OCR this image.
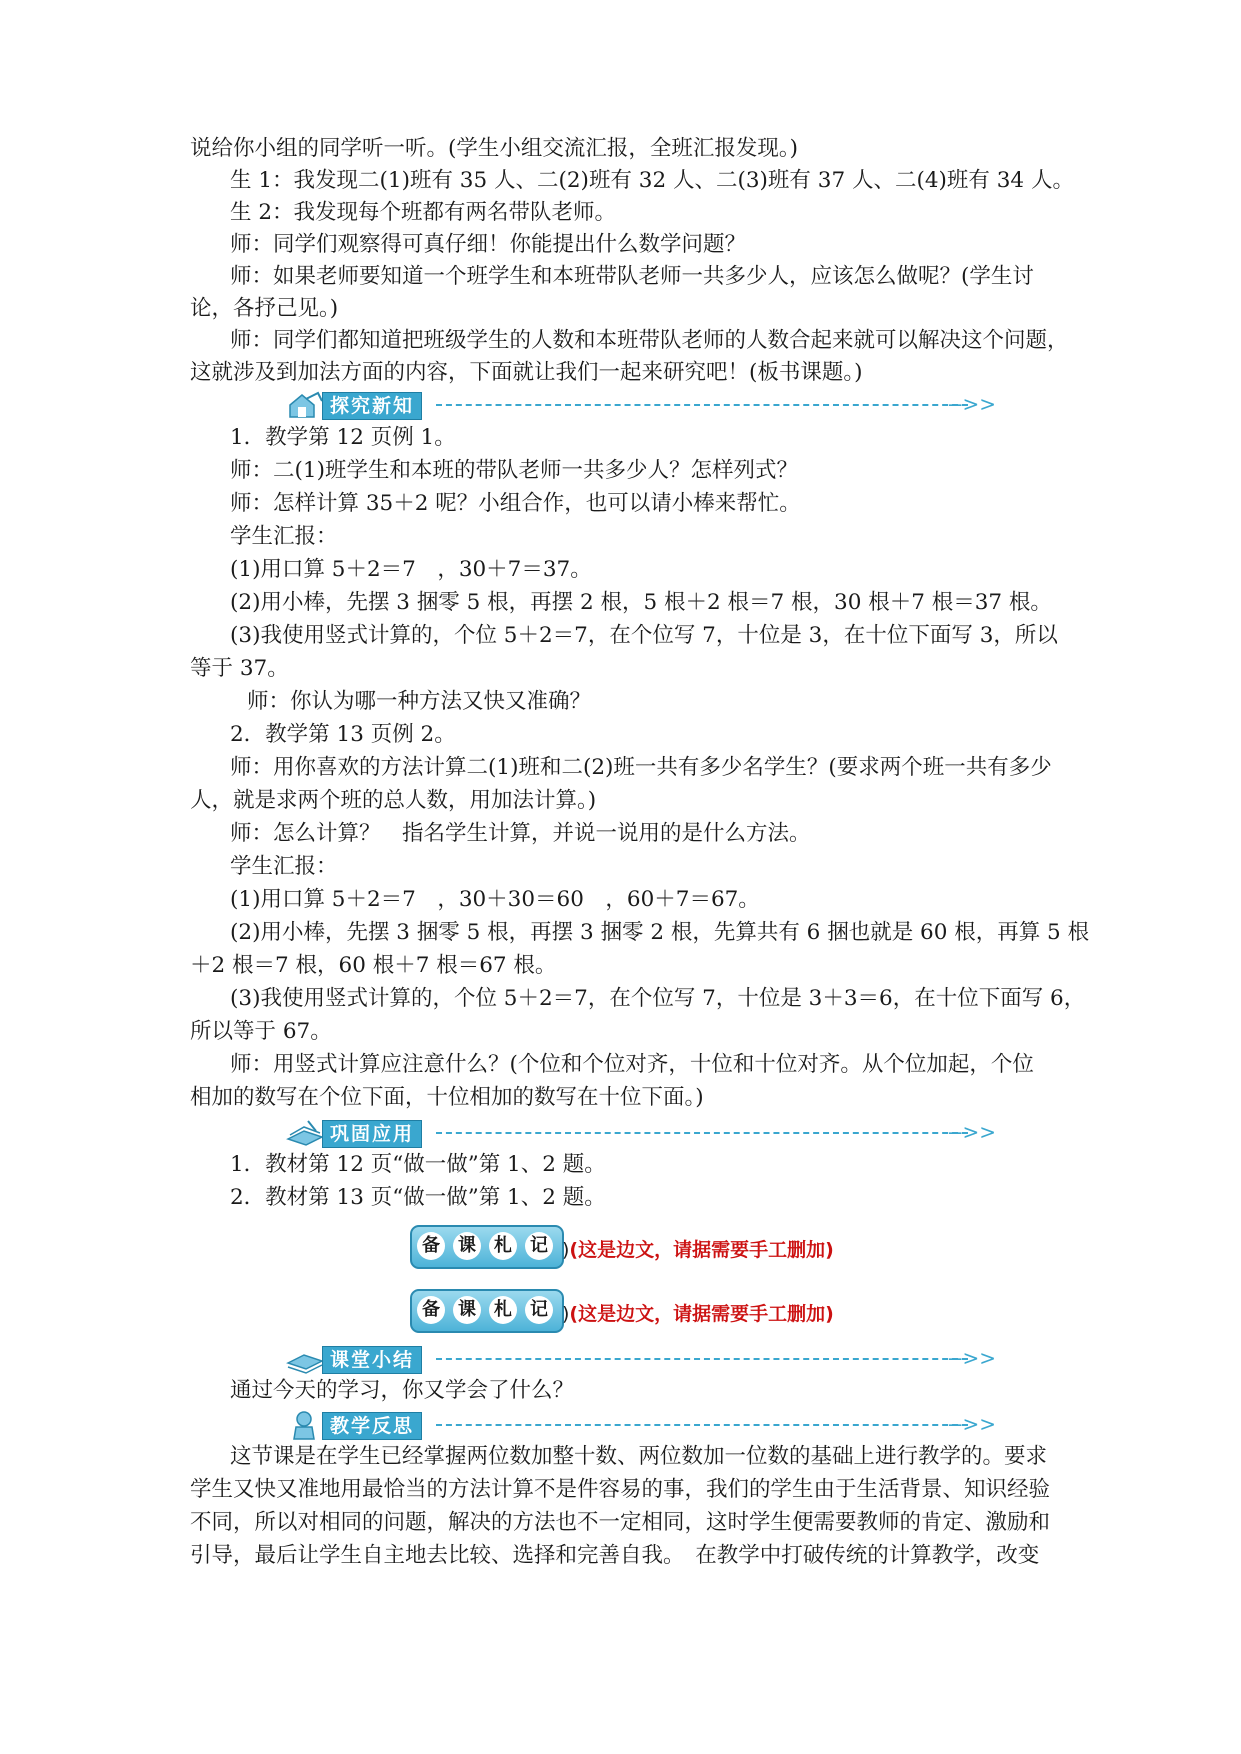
说给你小组的同学听一听。(学生小组交流汇报，全班汇报发现。)
生 1：我发现二(1)班有 35 人、二(2)班有 32 人、二(3)班有 37 人、二(4)班有 34 人。
生 2：我发现每个班都有两名带队老师。
师：同学们观察得可真仔细！你能提出什么数学问题？
师：如果老师要知道一个班学生和本班带队老师一共多少人，应该怎么做呢？(学生讨
论，各抒己见。)
师：同学们都知道把班级学生的人数和本班带队老师的人数合起来就可以解决这个问题，
这就涉及到加法方面的内容，下面就让我们一起来研究吧！(板书课题。)
探究新知	-->>
1．教学第 12 页例 1。
师：二(1)班学生和本班的带队老师一共多少人？怎样列式？
师：怎样计算 35＋2 呢？小组合作，也可以请小棒来帮忙。
学生汇报：
(1)用口算 5＋2＝7　，30＋7＝37。
(2)用小棒，先摆 3 捆零 5 根，再摆 2 根，5 根＋2 根＝7 根，30 根＋7 根＝37 根。
(3)我使用竖式计算的，个位 5＋2＝7，在个位写 7，十位是 3，在十位下面写 3，所以
等于 37。
师：你认为哪一种方法又快又准确？
2．教学第 13 页例 2。
师：用你喜欢的方法计算二(1)班和二(2)班一共有多少名学生？(要求两个班一共有多少
人，就是求两个班的总人数，用加法计算。)
师：怎么计算？　指名学生计算，并说一说用的是什么方法。
学生汇报：
(1)用口算 5＋2＝7　，30＋30＝60　，60＋7＝67。
(2)用小棒，先摆 3 捆零 5 根，再摆 3 捆零 2 根，先算共有 6 捆也就是 60 根，再算 5 根
＋2 根＝7 根，60 根＋7 根＝67 根。
(3)我使用竖式计算的，个位 5＋2＝7，在个位写 7，十位是 3＋3＝6，在十位下面写 6，
所以等于 67。
师：用竖式计算应注意什么？(个位和个位对齐，十位和十位对齐。从个位加起，个位
相加的数写在个位下面，十位相加的数写在十位下面。)
巩固应用	-->>
1．教材第 12 页“做一做”第 1、2 题。
2．教材第 13 页“做一做”第 1、2 题。
备 课 札 记 )(这是边文，请据需要手工删加)
备 课 札 记 )(这是边文，请据需要手工删加)
课堂小结	-->>
通过今天的学习，你又学会了什么？
教学反思	-->>
这节课是在学生已经掌握两位数加整十数、两位数加一位数的基础上进行教学的。要求
学生又快又准地用最恰当的方法计算不是件容易的事，我们的学生由于生活背景、知识经验
不同，所以对相同的问题，解决的方法也不一定相同，这时学生便需要教师的肯定、激励和
引导，最后让学生自主地去比较、选择和完善自我。　在教学中打破传统的计算教学，改变
